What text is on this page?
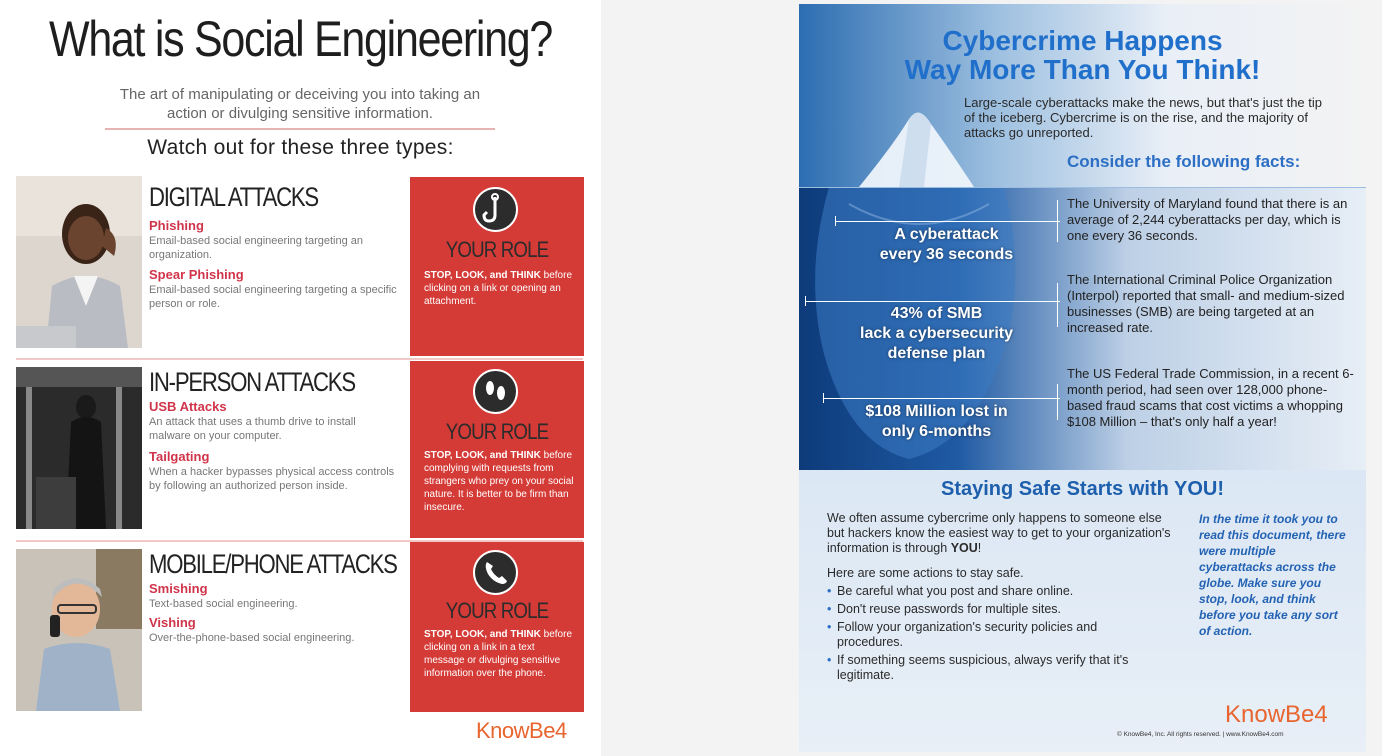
What is Social Engineering?
The art of manipulating or deceiving you into taking an action or divulging sensitive information.
Watch out for these three types:
DIGITAL ATTACKS
Phishing
Email-based social engineering targeting an organization.
Spear Phishing
Email-based social engineering targeting a specific person or role.
YOUR ROLE
STOP, LOOK, and THINK before clicking on a link or opening an attachment.
IN-PERSON ATTACKS
USB Attacks
An attack that uses a thumb drive to install malware on your computer.
Tailgating
When a hacker bypasses physical access controls by following an authorized person inside.
YOUR ROLE
STOP, LOOK, and THINK before complying with requests from strangers who prey on your social nature. It is better to be firm than insecure.
MOBILE/PHONE ATTACKS
Smishing
Text-based social engineering.
Vishing
Over-the-phone-based social engineering.
YOUR ROLE
STOP, LOOK, and THINK before clicking on a link in a text message or divulging sensitive information over the phone.
KnowBe4
Cybercrime Happens
Way More Than You Think!
Large-scale cyberattacks make the news, but that's just the tip of the iceberg. Cybercrime is on the rise, and the majority of attacks go unreported.
Consider the following facts:
A cyberattack
every 36 seconds
The University of Maryland found that there is an average of 2,244 cyberattacks per day, which is one every 36 seconds.
43% of SMB
lack a cybersecurity
defense plan
The International Criminal Police Organization (Interpol) reported that small- and medium-sized businesses (SMB) are being targeted at an increased rate.
$108 Million lost in
only 6-months
The US Federal Trade Commission, in a recent 6-month period, had seen over 128,000 phone-based fraud scams that cost victims a whopping $108 Million – that's only half a year!
Staying Safe Starts with YOU!
We often assume cybercrime only happens to someone else but hackers know the easiest way to get to your organization's information is through YOU!
Here are some actions to stay safe.
• Be careful what you post and share online.
• Don't reuse passwords for multiple sites.
• Follow your organization's security policies and procedures.
• If something seems suspicious, always verify that it's legitimate.
In the time it took you to read this document, there were multiple cyberattacks across the globe. Make sure you stop, look, and think before you take any sort of action.
KnowBe4
© KnowBe4, Inc. All rights reserved. | www.KnowBe4.com
